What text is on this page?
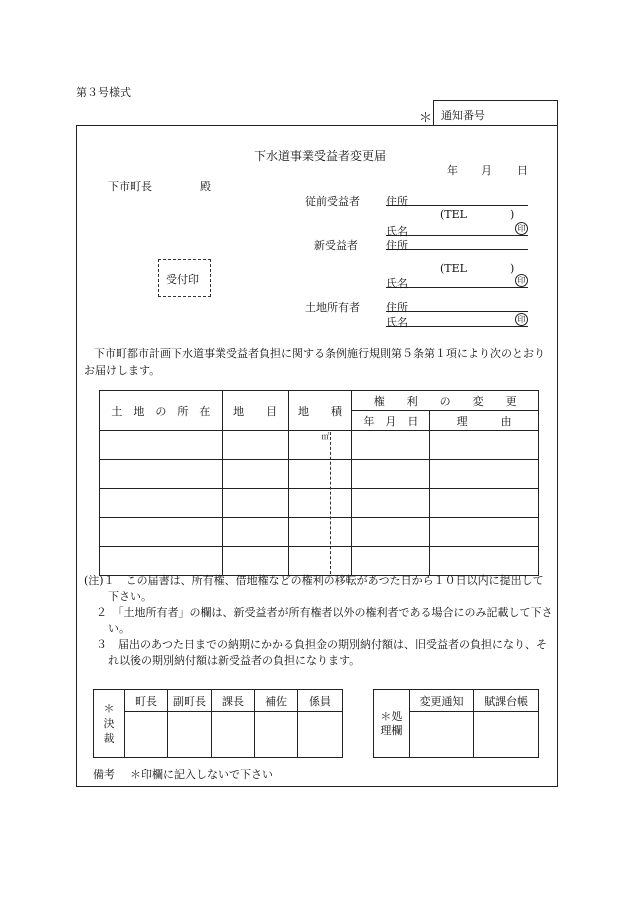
第３号様式
＊ 通知番号
下水道事業受益者変更届
年 月 日
下市町長	殿
受付印
従前受益者 住所
(TEL	)
氏名	印
新受益者	住所
(TEL	)
氏名	印
土地所有者 住所
氏名	印
下市町都市計画下水道事業受益者負担に関する条例施行規則第５条第１項により次のとおりお届けします。
土　地　の　所　在	地　　目	地　　積	権　　利　　の　　変　　更	
			年　月　日	理　　　由
		㎡		

(注)１　この届書は、所有権、借地権などの権利の移転があつた日から１０日以内に提出して下さい。

２　「土地所有者」の欄は、新受益者が所有権者以外の権利者である場合にのみ記載して下さい。

３　届出のあつた日までの納期にかかる負担金の期別納付額は、旧受益者の負担になり、それ以後の期別納付額は新受益者の負担になります。

＊決裁	町長	副町長	課長	補佐	係員

＊処理欄	変更通知	賦課台帳

備考 ＊印欄に記入しないで下さい
